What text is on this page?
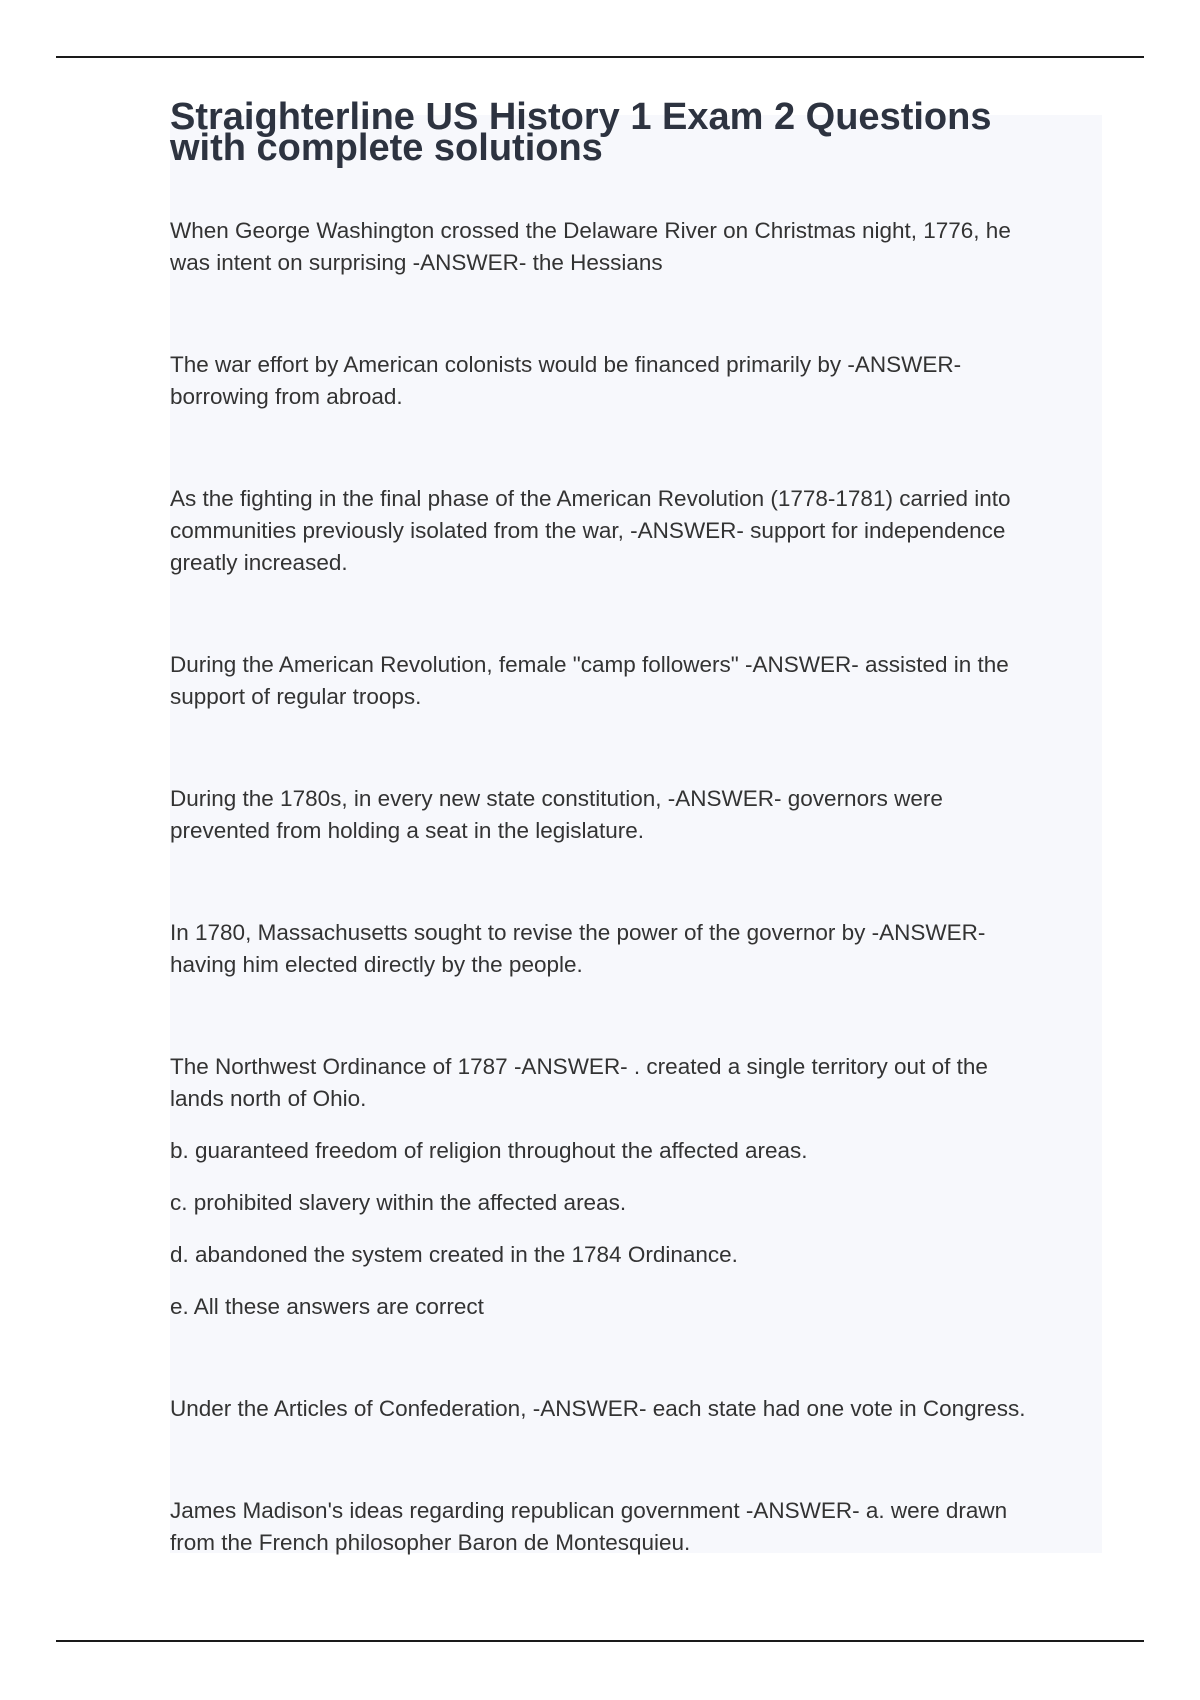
Straighterline US History 1 Exam 2 Questions
with complete solutions

When George Washington crossed the Delaware River on Christmas night, 1776, he
was intent on surprising -ANSWER- the Hessians

The war effort by American colonists would be financed primarily by -ANSWER-
borrowing from abroad.

As the fighting in the final phase of the American Revolution (1778-1781) carried into
communities previously isolated from the war, -ANSWER- support for independence
greatly increased.

During the American Revolution, female "camp followers" -ANSWER- assisted in the
support of regular troops.

During the 1780s, in every new state constitution, -ANSWER- governors were
prevented from holding a seat in the legislature.

In 1780, Massachusetts sought to revise the power of the governor by -ANSWER-
having him elected directly by the people.

The Northwest Ordinance of 1787 -ANSWER- . created a single territory out of the
lands north of Ohio.

b. guaranteed freedom of religion throughout the affected areas.

c. prohibited slavery within the affected areas.

d. abandoned the system created in the 1784 Ordinance.

e. All these answers are correct

Under the Articles of Confederation, -ANSWER- each state had one vote in Congress.

James Madison's ideas regarding republican government -ANSWER- a. were drawn
from the French philosopher Baron de Montesquieu.
